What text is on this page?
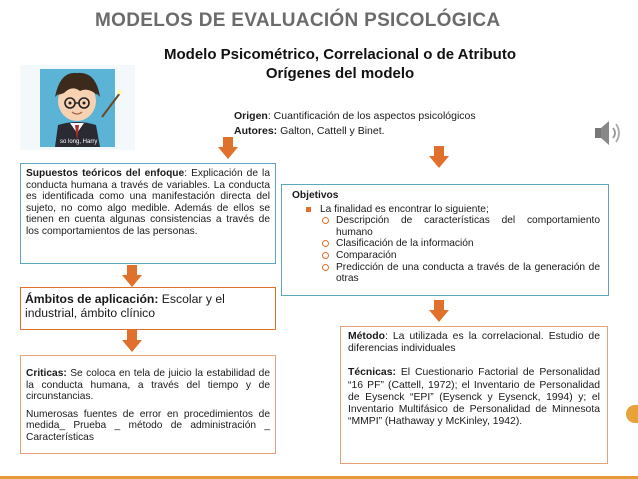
MODELOS DE EVALUACIÓN PSICOLÓGICA
Modelo Psicométrico, Correlacional o de Atributo
Orígenes del modelo
so long, Harry
Origen: Cuantificación de los aspectos psicológicos
Autores: Galton, Cattell y Binet.

Supuestos teóricos del enfoque: Explicación de la conducta humana a través de variables. La conducta es identificada como una manifestación directa del sujeto, no como algo medible. Además de ellos se tienen en cuenta algunas consistencias a través de los comportamientos de las personas.

Ámbitos de aplicación: Escolar y el industrial, ámbito clínico

Criticas: Se coloca en tela de juicio la estabilidad de la conducta humana, a través del tiempo y de circunstancias.

Numerosas fuentes de error en procedimientos de medida_ Prueba _ método de administración _ Características

Objetivos
La finalidad es encontrar lo siguiente;
Descripción de características del comportamiento humano
Clasificación de la información
Comparación
Predicción de una conducta a través de la generación de otras

Método: La utilizada es la correlacional. Estudio de diferencias individuales

Técnicas: El Cuestionario Factorial de Personalidad “16 PF” (Cattell, 1972); el Inventario de Personalidad de Eysenck “EPI” (Eysenck y Eysenck, 1994) y; el Inventario Multifásico de Personalidad de Minnesota “MMPI” (Hathaway y McKinley, 1942).
